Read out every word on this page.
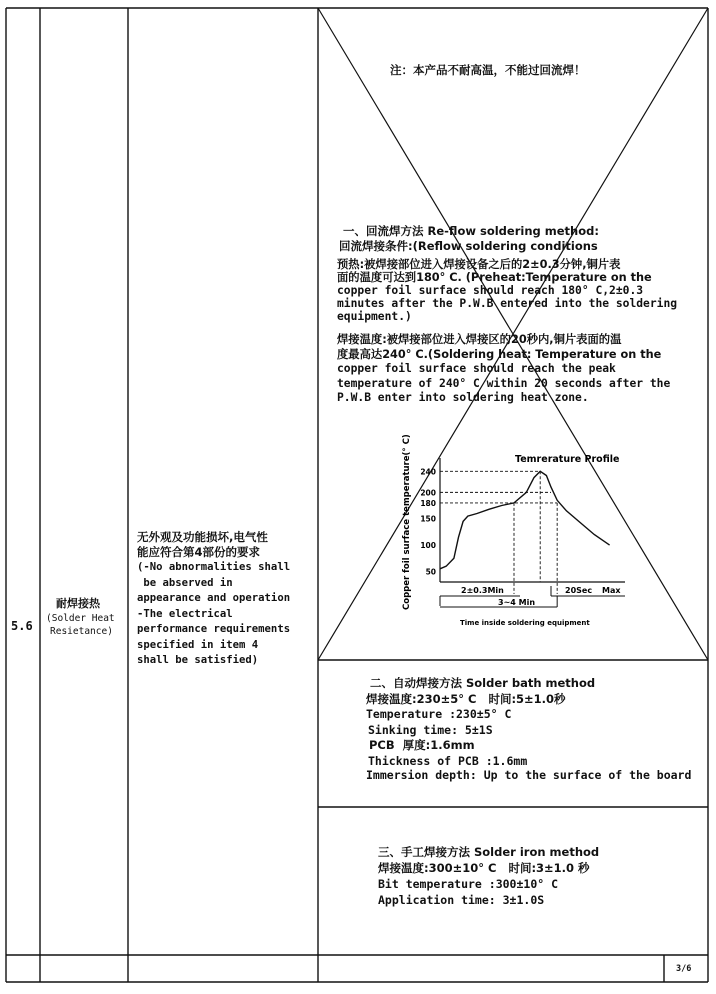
5.6
耐焊接热
(Solder Heat
Resietance)
无外观及功能损坏,电气性
能应符合第4部份的要求
(-No abnormalities shall
be abserved in
appearance and operation
-The electrical
performance requirements
specified in item 4
shall be satisfied)
注：本产品不耐高温，不能过回流焊！
一、回流焊方法 Re-flow soldering method:
回流焊接条件:(Reflow soldering conditions
预热:被焊接部位进入焊接设备之后的2±0.3分钟,铜片表
面的温度可达到180° C. (Preheat:Temperature on the
copper foil surface should reach 180° C,2±0.3
minutes after the P.W.B entered into the soldering
equipment.)
焊接温度:被焊接部位进入焊接区的20秒内,铜片表面的温
度最高达240° C.(Soldering heat: Temperature on the
copper foil surface should reach the peak
temperature of 240° C within 20 seconds after the
P.W.B enter into soldering heat zone.
Copper foil surface temperature(° C)	Temrerature Profile
Time inside soldering equipment
240
200
180
150
100
50
2±0.3Min	20Sec Max
3~4 Min
二、自动焊接方法 Solder bath method
焊接温度:230±5° C   时间:5±1.0秒
Temperature :230±5° C
Sinking time: 5±1S
PCB  厚度:1.6mm
Thickness of PCB :1.6mm
Immersion depth: Up to the surface of the board
三、手工焊接方法 Solder iron method
焊接温度:300±10° C   时间:3±1.0 秒
Bit temperature :300±10° C
Application time: 3±1.0S
3/6
